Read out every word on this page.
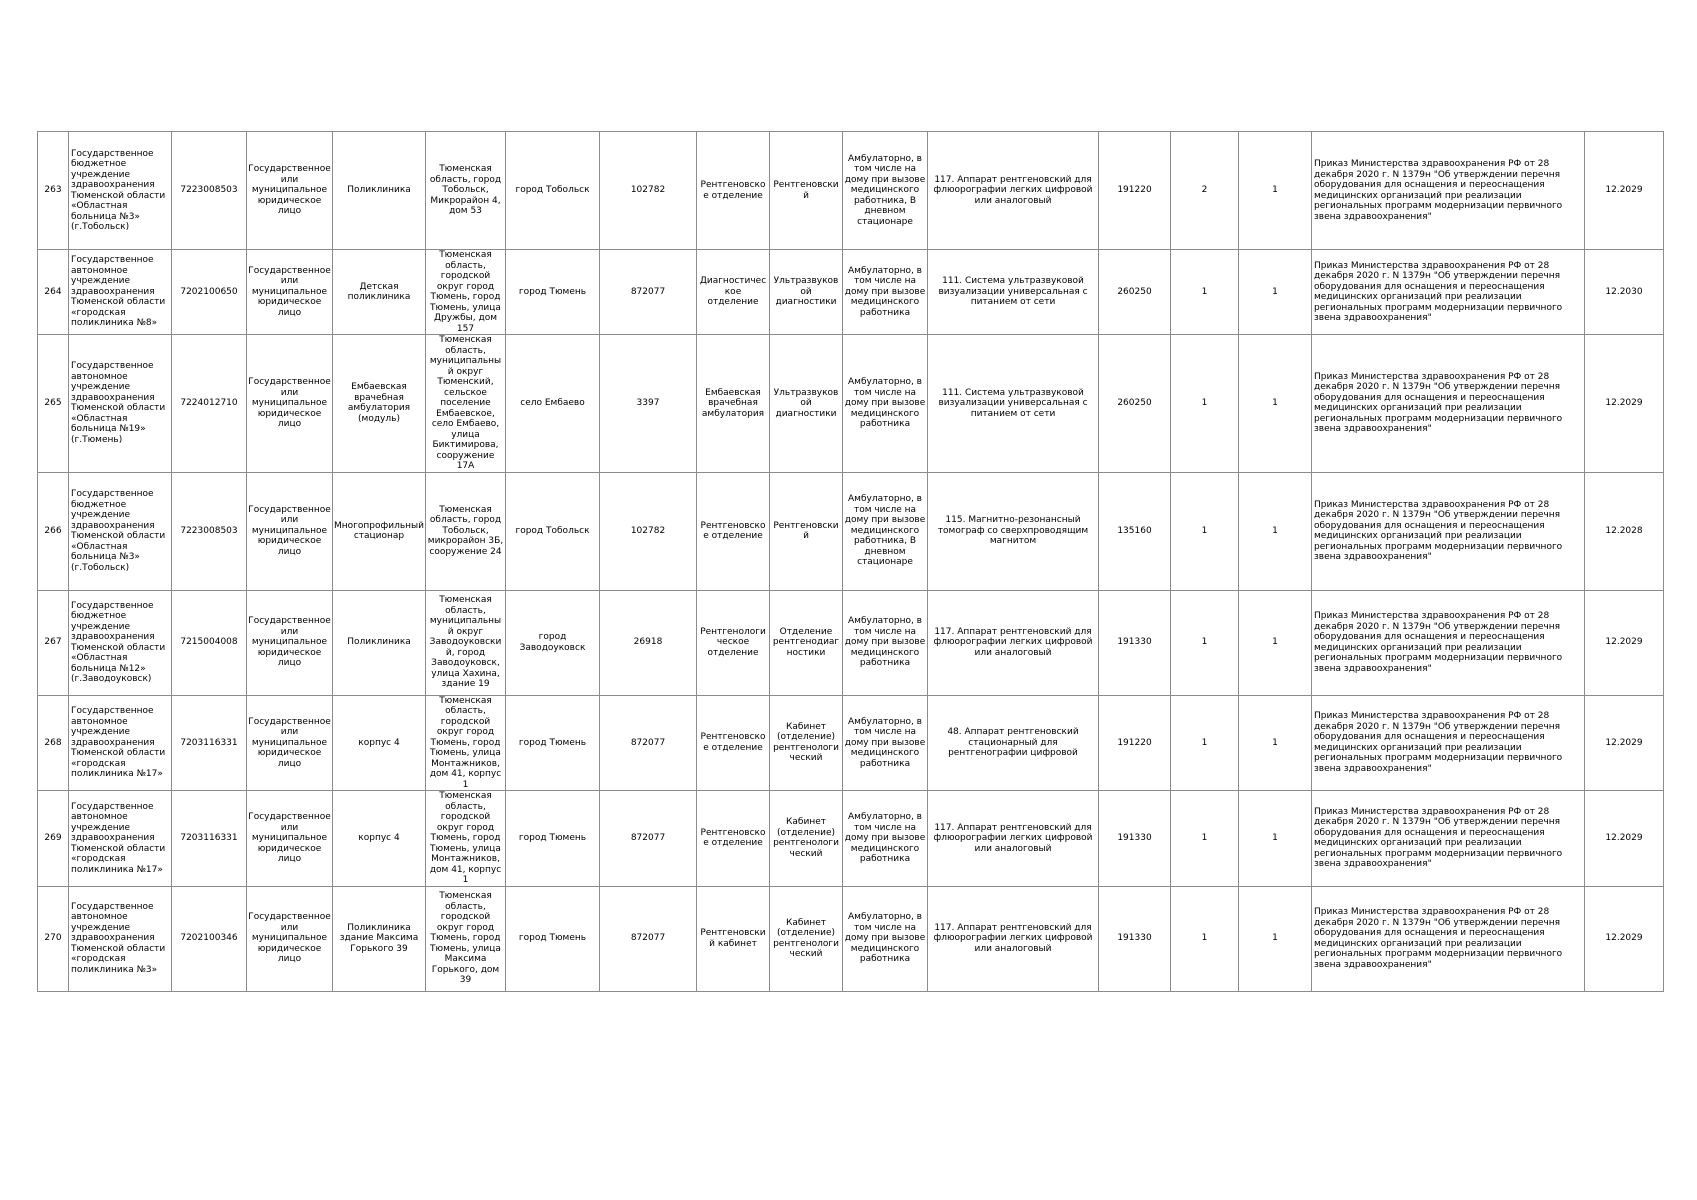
263	Государственное бюджетное учреждение здравоохранения Тюменской области «Областная больница №3» (г.Тобольск)	7223008503	Государственное или муниципальное юридическое лицо	Поликлиника	Тюменская область, город Тобольск, Микрорайон 4, дом 53	город Тобольск	102782	Рентгеновское отделение	Рентгеновский	Амбулаторно, в том числе на дому при вызове медицинского работника, В дневном стационаре	117. Аппарат рентгеновский для флюорографии легких цифровой или аналоговый	191220	2	1	Приказ Министерства здравоохранения РФ от 28 декабря 2020 г. N 1379н "Об утверждении перечня оборудования для оснащения и переоснащения медицинских организаций при реализации региональных программ модернизации первичного звена здравоохранения"	12.2029
264	Государственное автономное учреждение здравоохранения Тюменской области «городская поликлиника №8»	7202100650	Государственное или муниципальное юридическое лицо	Детская поликлиника	Тюменская область, городской округ город Тюмень, город Тюмень, улица Дружбы, дом 157	город Тюмень	872077	Диагностическое отделение	Ультразвуковой диагностики	Амбулаторно, в том числе на дому при вызове медицинского работника	111. Система ультразвуковой визуализации универсальная с питанием от сети	260250	1	1	Приказ Министерства здравоохранения РФ от 28 декабря 2020 г. N 1379н "Об утверждении перечня оборудования для оснащения и переоснащения медицинских организаций при реализации региональных программ модернизации первичного звена здравоохранения"	12.2030
265	Государственное автономное учреждение здравоохранения Тюменской области «Областная больница №19» (г.Тюмень)	7224012710	Государственное или муниципальное юридическое лицо	Ембаевская врачебная амбулатория (модуль)	Тюменская область, муниципальный округ Тюменский, сельское поселение Ембаевское, село Ембаево, улица Биктимирова, сооружение 17А	село Ембаево	3397	Ембаевская врачебная амбулатория	Ультразвуковой диагностики	Амбулаторно, в том числе на дому при вызове медицинского работника	111. Система ультразвуковой визуализации универсальная с питанием от сети	260250	1	1	Приказ Министерства здравоохранения РФ от 28 декабря 2020 г. N 1379н "Об утверждении перечня оборудования для оснащения и переоснащения медицинских организаций при реализации региональных программ модернизации первичного звена здравоохранения"	12.2029
266	Государственное бюджетное учреждение здравоохранения Тюменской области «Областная больница №3» (г.Тобольск)	7223008503	Государственное или муниципальное юридическое лицо	Многопрофильный стационар	Тюменская область, город Тобольск, микрорайон 3Б, сооружение 24	город Тобольск	102782	Рентгеновское отделение	Рентгеновский	Амбулаторно, в том числе на дому при вызове медицинского работника, В дневном стационаре	115. Магнитно-резонансный томограф со сверхпроводящим магнитом	135160	1	1	Приказ Министерства здравоохранения РФ от 28 декабря 2020 г. N 1379н "Об утверждении перечня оборудования для оснащения и переоснащения медицинских организаций при реализации региональных программ модернизации первичного звена здравоохранения"	12.2028
267	Государственное бюджетное учреждение здравоохранения Тюменской области «Областная больница №12» (г.Заводоуковск)	7215004008	Государственное или муниципальное юридическое лицо	Поликлиника	Тюменская область, муниципальный округ Заводоуковский, город Заводоуковск, улица Хахина, здание 19	город Заводоуковск	26918	Рентгенологическое отделение	Отделение рентгенодиагностики	Амбулаторно, в том числе на дому при вызове медицинского работника	117. Аппарат рентгеновский для флюорографии легких цифровой или аналоговый	191330	1	1	Приказ Министерства здравоохранения РФ от 28 декабря 2020 г. N 1379н "Об утверждении перечня оборудования для оснащения и переоснащения медицинских организаций при реализации региональных программ модернизации первичного звена здравоохранения"	12.2029
268	Государственное автономное учреждение здравоохранения Тюменской области «городская поликлиника №17»	7203116331	Государственное или муниципальное юридическое лицо	корпус 4	Тюменская область, городской округ город Тюмень, город Тюмень, улица Монтажников, дом 41, корпус 1	город Тюмень	872077	Рентгеновское отделение	Кабинет (отделение) рентгенологический	Амбулаторно, в том числе на дому при вызове медицинского работника	48. Аппарат рентгеновский стационарный для рентгенографии цифровой	191220	1	1	Приказ Министерства здравоохранения РФ от 28 декабря 2020 г. N 1379н "Об утверждении перечня оборудования для оснащения и переоснащения медицинских организаций при реализации региональных программ модернизации первичного звена здравоохранения"	12.2029
269	Государственное автономное учреждение здравоохранения Тюменской области «городская поликлиника №17»	7203116331	Государственное или муниципальное юридическое лицо	корпус 4	Тюменская область, городской округ город Тюмень, город Тюмень, улица Монтажников, дом 41, корпус 1	город Тюмень	872077	Рентгеновское отделение	Кабинет (отделение) рентгенологический	Амбулаторно, в том числе на дому при вызове медицинского работника	117. Аппарат рентгеновский для флюорографии легких цифровой или аналоговый	191330	1	1	Приказ Министерства здравоохранения РФ от 28 декабря 2020 г. N 1379н "Об утверждении перечня оборудования для оснащения и переоснащения медицинских организаций при реализации региональных программ модернизации первичного звена здравоохранения"	12.2029
270	Государственное автономное учреждение здравоохранения Тюменской области «городская поликлиника №3»	7202100346	Государственное или муниципальное юридическое лицо	Поликлиника здание Максима Горького 39	Тюменская область, городской округ город Тюмень, город Тюмень, улица Максима Горького, дом 39	город Тюмень	872077	Рентгеновский кабинет	Кабинет (отделение) рентгенологический	Амбулаторно, в том числе на дому при вызове медицинского работника	117. Аппарат рентгеновский для флюорографии легких цифровой или аналоговый	191330	1	1	Приказ Министерства здравоохранения РФ от 28 декабря 2020 г. N 1379н "Об утверждении перечня оборудования для оснащения и переоснащения медицинских организаций при реализации региональных программ модернизации первичного звена здравоохранения"	12.2029
